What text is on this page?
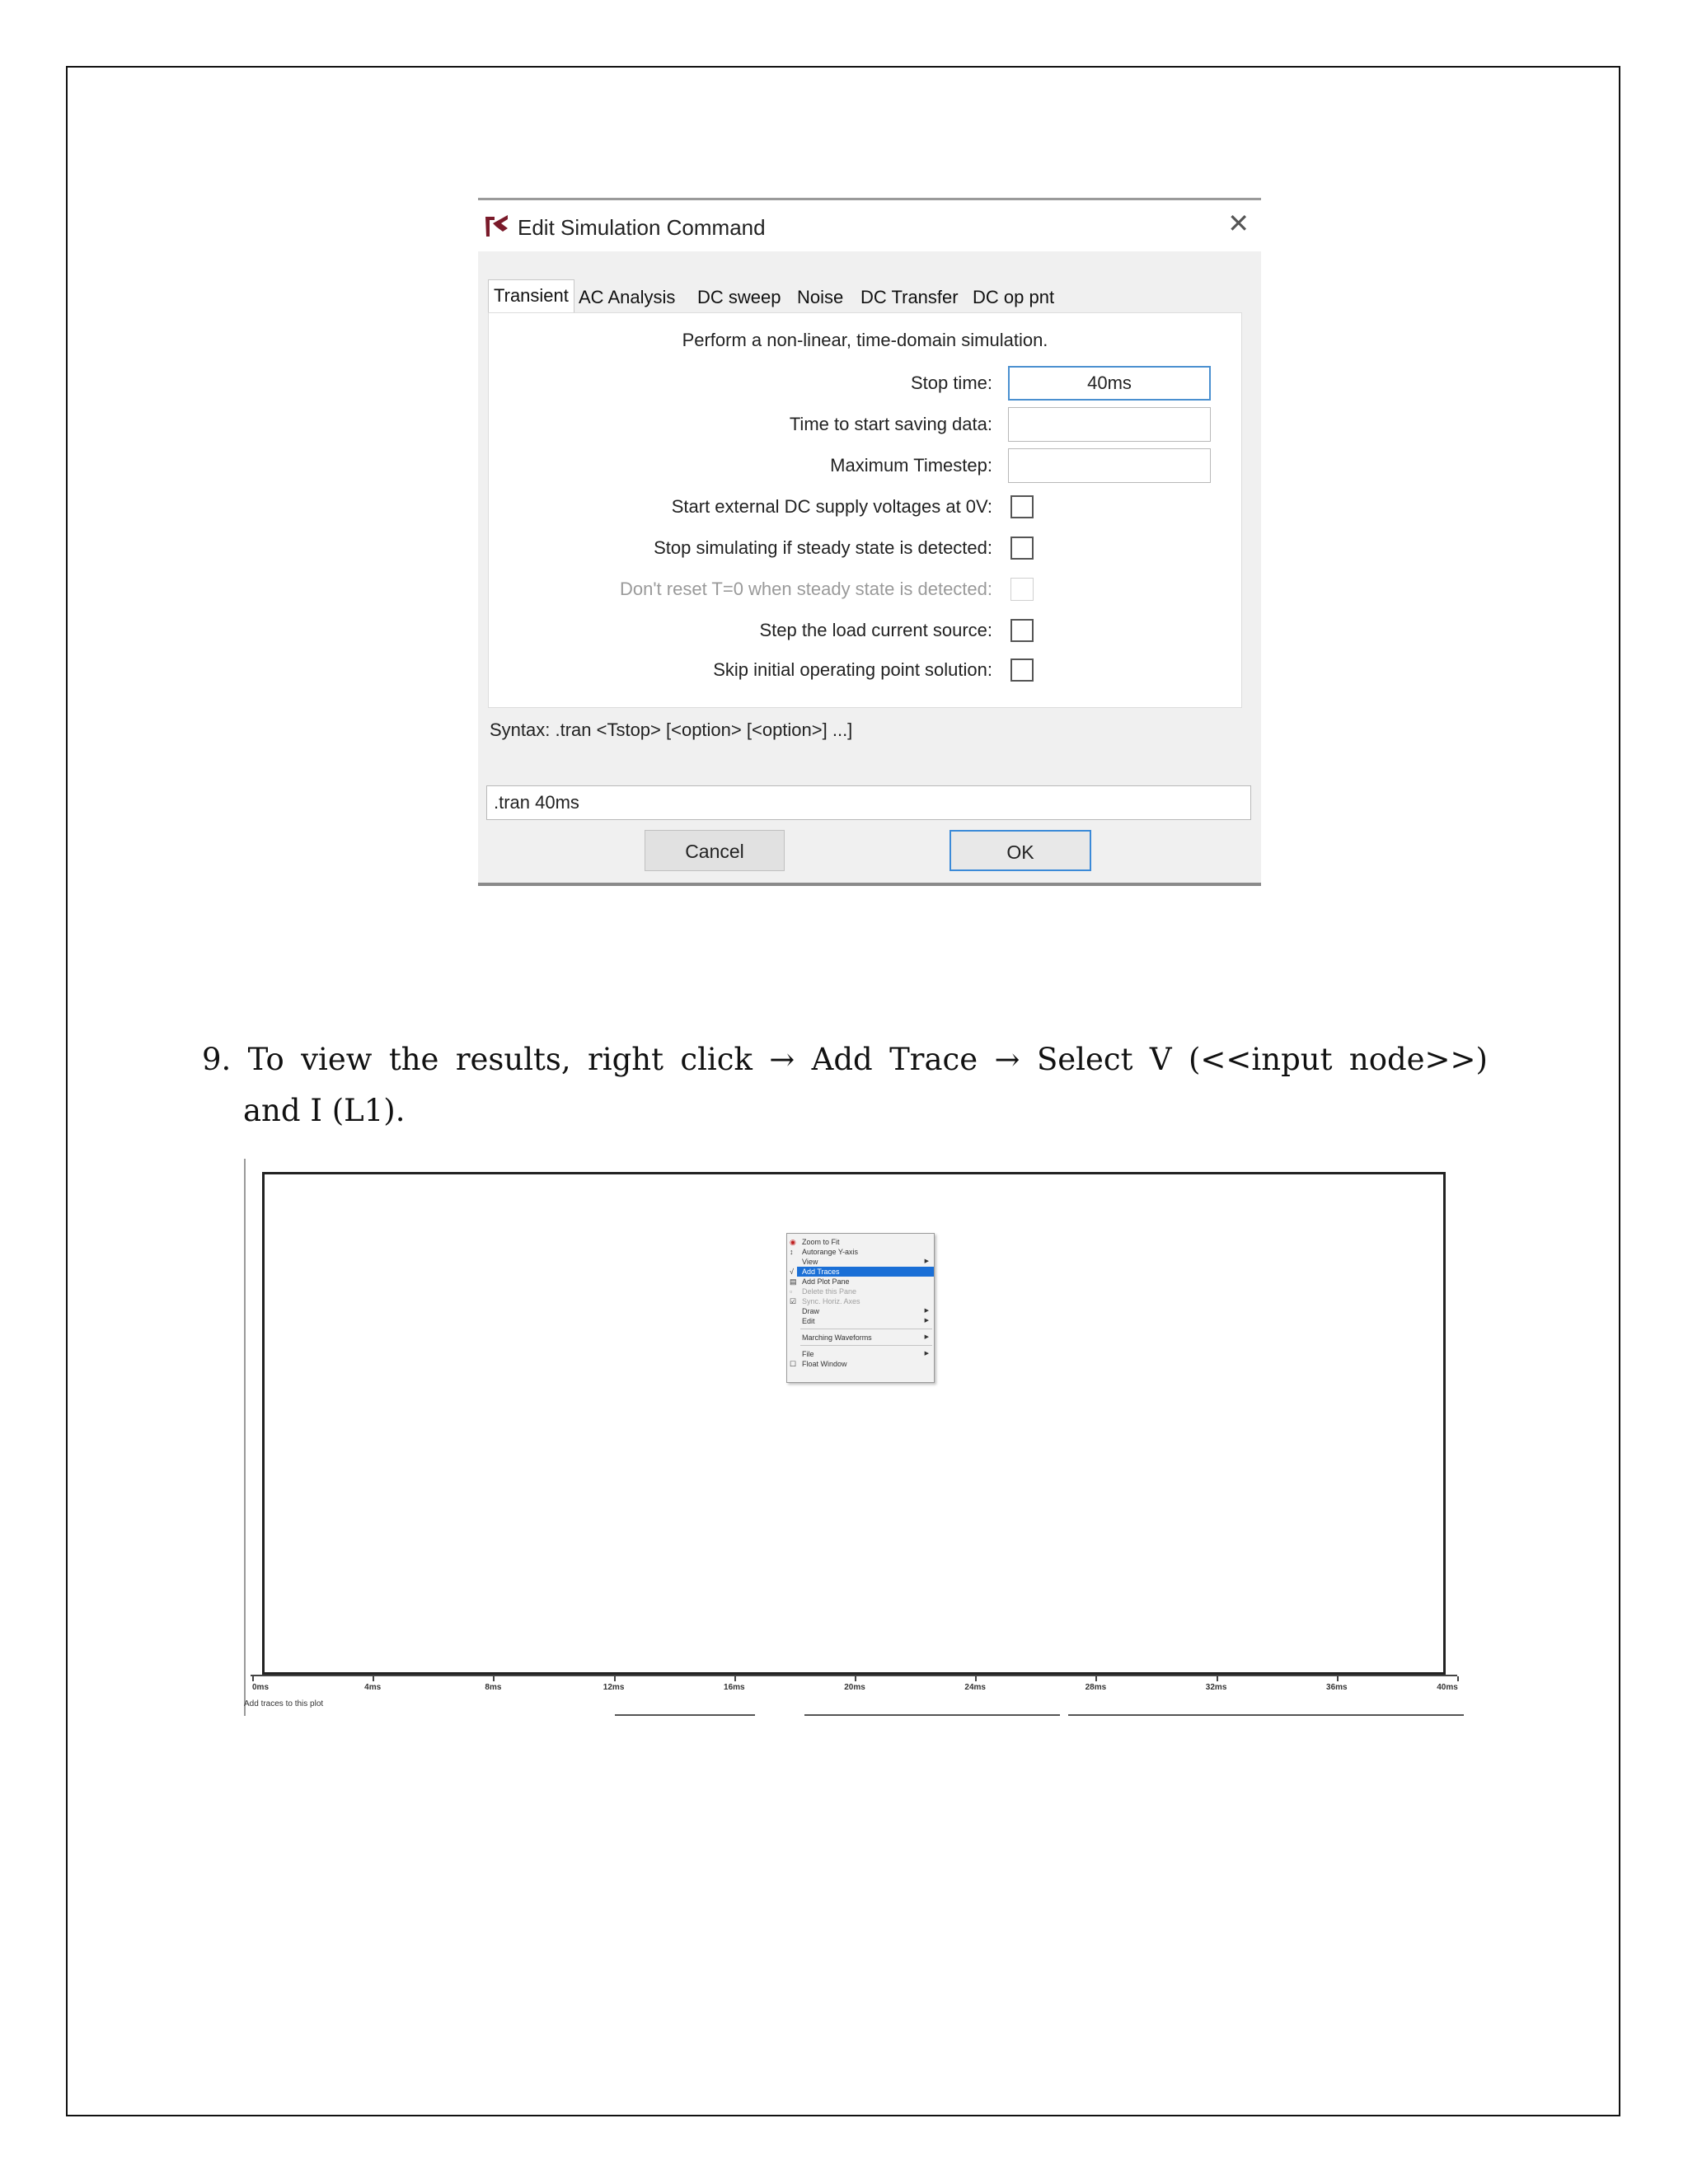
Edit Simulation Command	✕
Transient AC Analysis DC sweep Noise DC Transfer DC op pnt
Perform a non-linear, time-domain simulation.
Stop time:
40ms
Time to start saving data:
Maximum Timestep:
Start external DC supply voltages at 0V:
Stop simulating if steady state is detected:
Don't reset T=0 when steady state is detected:
Step the load current source:
Skip initial operating point solution:
Syntax: .tran <Tstop> [<option> [<option>] ...]
.tran 40ms
Cancel	OK
9. To view the results, right click → Add Trace → Select V (<<input node>>)
and I (L1).
0ms	4ms	8ms	12ms	16ms	20ms	24ms	28ms	32ms	36ms	40ms
Add traces to this plot
◉ Zoom to Fit
↕	Autorange Y-axis
View	▶
Add Traces
√
▤ Add Plot Pane
▫	Delete this Pane
☑ Sync. Horiz. Axes
Draw	▶
Edit	▶
Marching Waveforms	▶
File	▶
☐ Float Window
